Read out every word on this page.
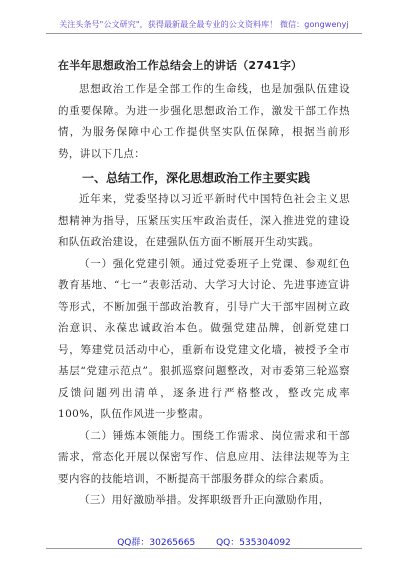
关注头条号"公文研究"，获得最新最全最专业的公文资料库！ 微信：gongwenyj
在半年思想政治工作总结会上的讲话（2741字）

思想政治工作是全部工作的生命线，也是加强队伍建设的重要保障。为进一步强化思想政治工作，激发干部工作热情，为服务保障中心工作提供坚实队伍保障，根据当前形势，讲以下几点：

一、总结工作，深化思想政治工作主要实践

近年来，党委坚持以习近平新时代中国特色社会主义思想精神为指导，压紧压实压牢政治责任，深入推进党的建设和队伍政治建设，在建强队伍方面不断展开生动实践。

（一）强化党建引领。通过党委班子上党课、参观红色教育基地、“七一”表彰活动、大学习大讨论、先进事迹宣讲等形式，不断加强干部政治教育，引导广大干部牢固树立政治意识、永葆忠诚政治本色。做强党建品牌，创新党建口号，筹建党员活动中心，重新布设党建文化墙，被授予全市基层“党建示范点”。狠抓巡察问题整改，对市委第三轮巡察反馈问题列出清单，逐条进行严格整改，整改完成率100%，队伍作风进一步整肃。

（二）锤炼本领能力。围绕工作需求、岗位需求和干部需求，常态化开展以保密写作、信息应用、法律法规等为主要内容的技能培训，不断提高干部服务群众的综合素质。

（三）用好激励举措。发挥职级晋升正向激励作用，

QQ群：30265665 QQ：535304092
